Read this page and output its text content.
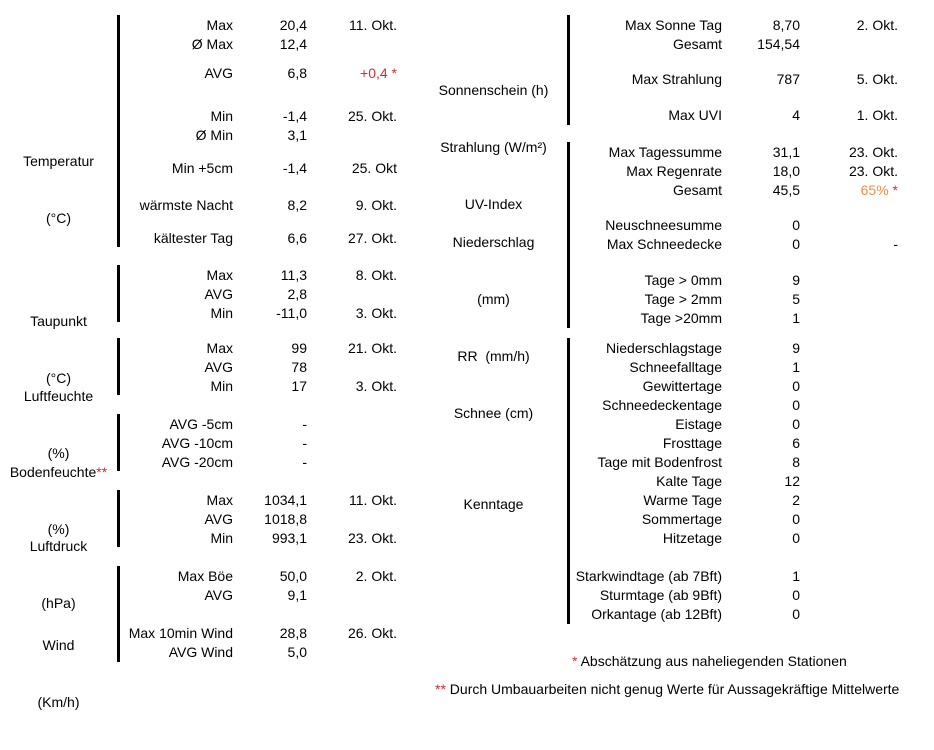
Temperatur

(°C)

Taupunkt

(°C)

Luftfeuchte

(%)

Bodenfeuchte**

(%)

Luftdruck

(hPa)

Wind

(Km/h)

Sonnenschein (h)

Strahlung (W/m²)

UV-Index

Niederschlag

(mm)

RR  (mm/h)

Schnee (cm)

Kenntage

Max	20,4	11. Okt.
Ø Max	12,4
AVG	6,8	+0,4 *
Min	-1,4	25. Okt.
Ø Min	3,1
Min +5cm	-1,4	25. Okt
wärmste Nacht	8,2	9. Okt.
kältester Tag	6,6	27. Okt.
Max	11,3	8. Okt.
AVG	2,8
Min	-11,0	3. Okt.
Max	99	21. Okt.
AVG	78
Min	17	3. Okt.
AVG -5cm	-
AVG -10cm	-
AVG -20cm	-
Max	1034,1	11. Okt.
AVG	1018,8
Min	993,1	23. Okt.
Max Böe	50,0	2. Okt.
AVG	9,1
Max 10min Wind	28,8	26. Okt.
AVG Wind	5,0
Max Sonne Tag	8,70	2. Okt.
Gesamt	154,54
Max Strahlung	787	5. Okt.
Max UVI	4	1. Okt.
Max Tagessumme	31,1	23. Okt.
Max Regenrate	18,0	23. Okt.
Gesamt	45,5	65% *
Neuschneesumme	0
Max Schneedecke	0	-
Tage > 0mm	9
Tage > 2mm	5
Tage >20mm	1
Niederschlagstage	9
Schneefalltage	1
Gewittertage	0
Schneedeckentage	0
Eistage	0
Frosttage	6
Tage mit Bodenfrost	8
Kalte Tage	12
Warme Tage	2
Sommertage	0
Hitzetage	0
Starkwindtage (ab 7Bft)	1
Sturmtage (ab 9Bft)	0
Orkantage (ab 12Bft)	0
* Abschätzung aus naheliegenden Stationen
** Durch Umbauarbeiten nicht genug Werte für Aussagekräftige Mittelwerte
